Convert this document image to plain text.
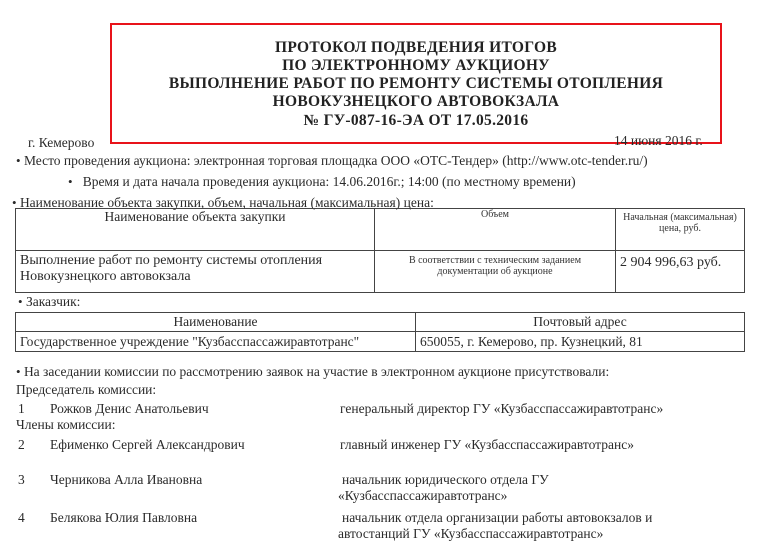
ПРОТОКОЛ ПОДВЕДЕНИЯ ИТОГОВ
ПО ЭЛЕКТРОННОМУ АУКЦИОНУ
ВЫПОЛНЕНИЕ РАБОТ ПО РЕМОНТУ СИСТЕМЫ ОТОПЛЕНИЯ
НОВОКУЗНЕЦКОГО АВТОВОКЗАЛА
№ ГУ-087-16-ЭА ОТ 17.05.2016
г. Кемерово	14 июня 2016 г.
• Место проведения аукциона: электронная торговая площадка ООО «ОТС-Тендер» (http://www.otc-tender.ru/)
• Время и дата начала проведения аукциона: 14.06.2016г.; 14:00 (по местному времени)
• Наименование объекта закупки, объем, начальная (максимальная) цена:
Наименование объекта закупки	Объем	Начальная (максимальная) цена, руб.
Выполнение работ по ремонту системы отопления Новокузнецкого автовокзала	В соответствии с техническим заданием документации об аукционе	2 904 996,63 руб.
• Заказчик:
Наименование	Почтовый адрес
Государственное учреждение "Кузбасспассажиравтотранс"	650055, г. Кемерово, пр. Кузнецкий, 81
• На заседании комиссии по рассмотрению заявок на участие в электронном аукционе присутствовали:
Председатель комиссии:
1 Рожков Денис Анатольевич	генеральный директор ГУ «Кузбасспассажиравтотранс»
Члены комиссии:
2 Ефименко Сергей Александрович	главный инженер ГУ «Кузбасспассажиравтотранс»
3 Черникова Алла Ивановна	начальник юридического отдела ГУ
«Кузбасспассажиравтотранс»
4 Белякова Юлия Павловна	начальник отдела организации работы автовокзалов и
автостанций ГУ «Кузбасспассажиравтотранс»
